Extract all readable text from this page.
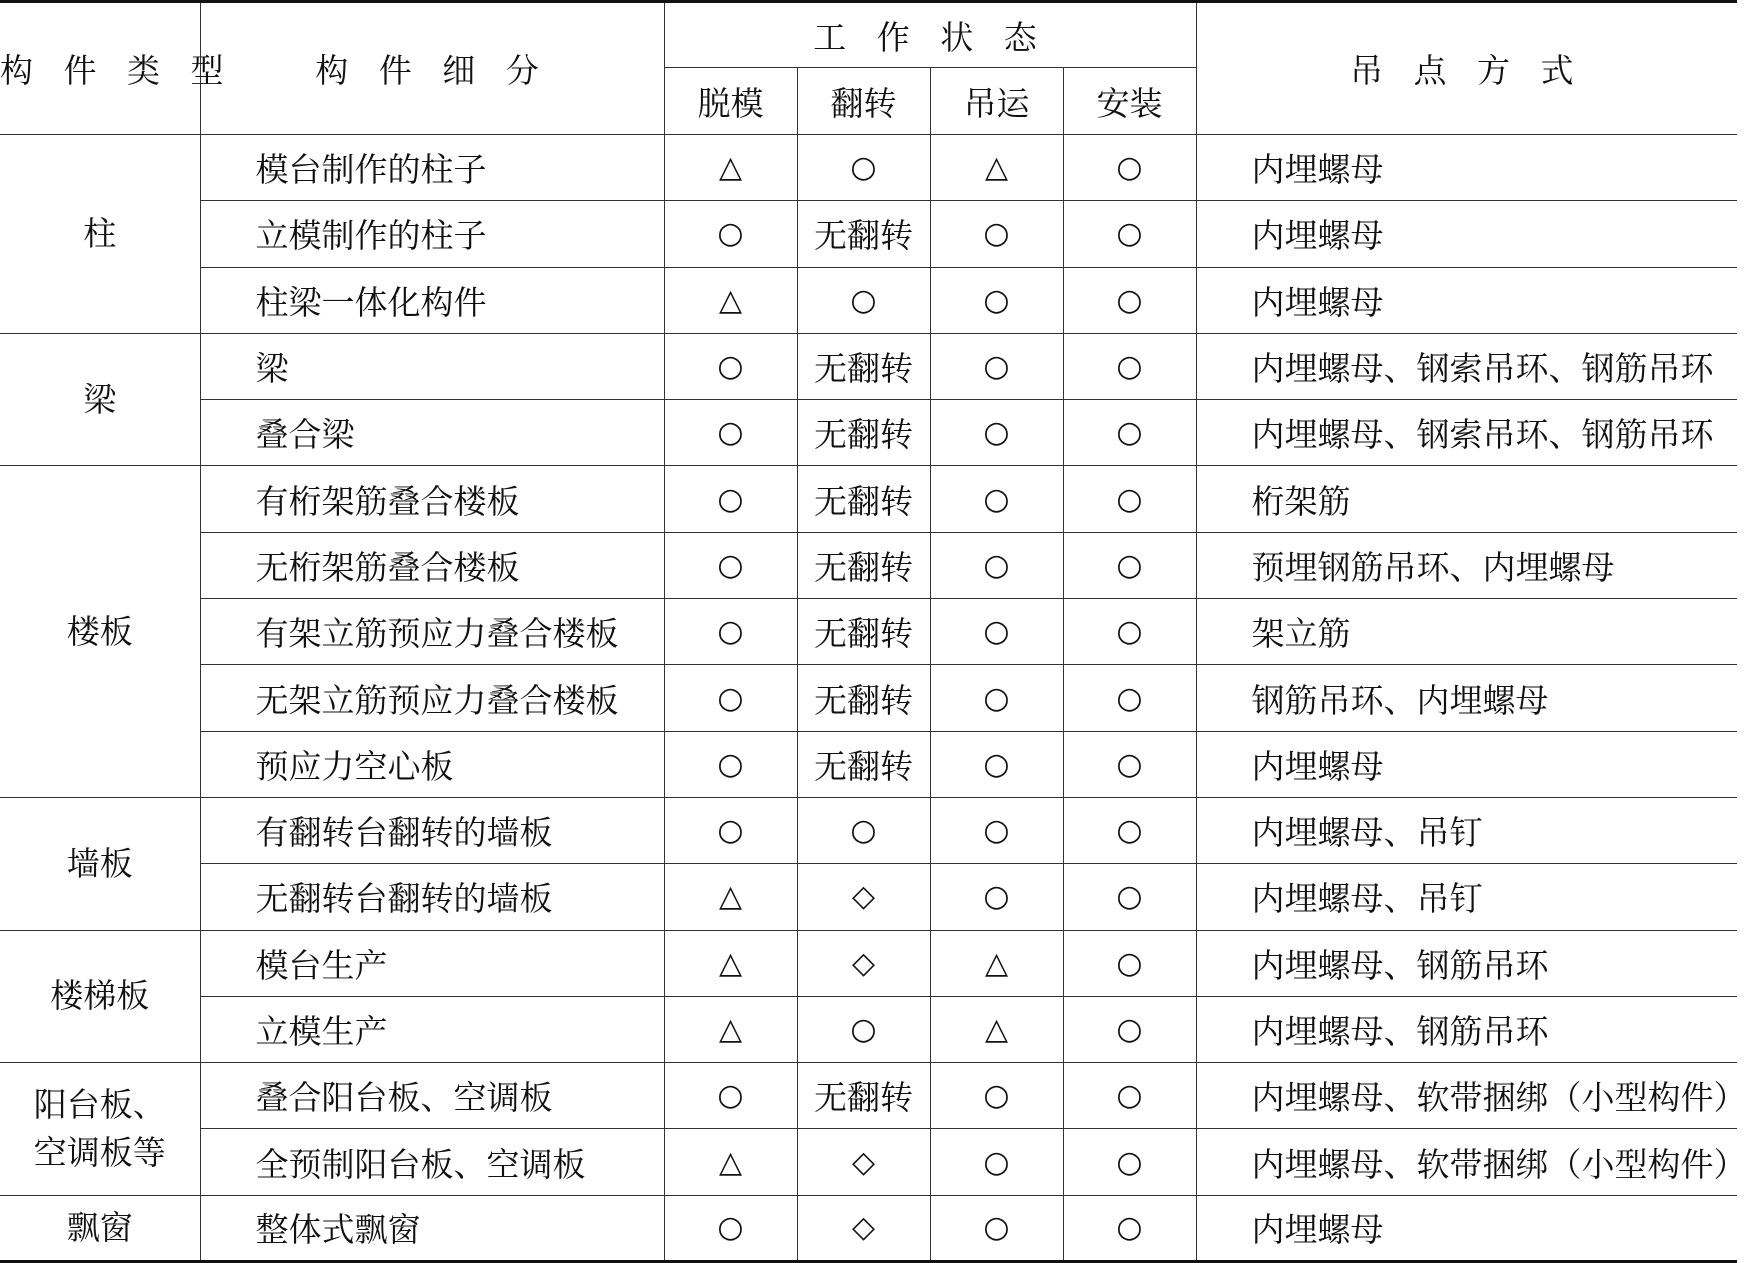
构 件 类 型	构 件 细 分	工 作 状 态				吊 点 方 式
		脱模	翻转	吊运	安装	
柱	模台制作的柱子	△	○	△	○	内埋螺母
	立模制作的柱子	○	无翻转	○	○	内埋螺母
	柱梁一体化构件	△	○	○	○	内埋螺母
梁	梁	○	无翻转	○	○	内埋螺母、钢索吊环、钢筋吊环
	叠合梁	○	无翻转	○	○	内埋螺母、钢索吊环、钢筋吊环
楼板	有桁架筋叠合楼板	○	无翻转	○	○	桁架筋
	无桁架筋叠合楼板	○	无翻转	○	○	预埋钢筋吊环、内埋螺母
	有架立筋预应力叠合楼板	○	无翻转	○	○	架立筋
	无架立筋预应力叠合楼板	○	无翻转	○	○	钢筋吊环、内埋螺母
	预应力空心板	○	无翻转	○	○	内埋螺母
墙板	有翻转台翻转的墙板	○	○	○	○	内埋螺母、吊钉
	无翻转台翻转的墙板	△	◇	○	○	内埋螺母、吊钉
楼梯板	模台生产	△	◇	△	○	内埋螺母、钢筋吊环
	立模生产	△	○	△	○	内埋螺母、钢筋吊环
阳台板、空调板等	叠合阳台板、空调板	○	无翻转	○	○	内埋螺母、软带捆绑（小型构件）
	全预制阳台板、空调板	△	◇	○	○	内埋螺母、软带捆绑（小型构件）
飘窗	整体式飘窗	○	◇	○	○	内埋螺母
